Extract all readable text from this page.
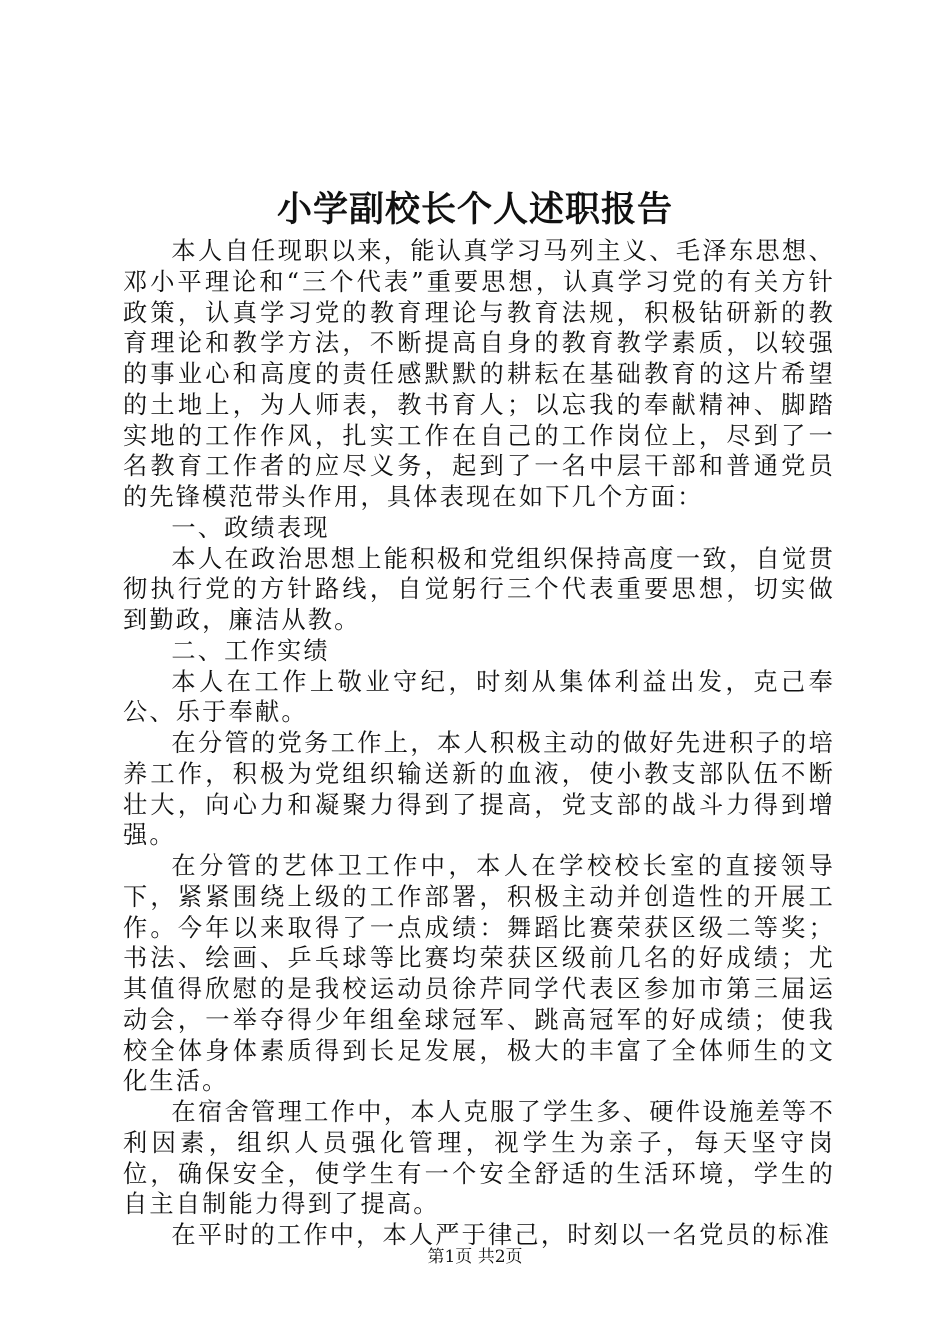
小学副校长个人述职报告

本人自任现职以来，能认真学习马列主义、毛泽东思想、邓小平理论和“三个代表”重要思想，认真学习党的有关方针政策，认真学习党的教育理论与教育法规，积极钻研新的教育理论和教学方法，不断提高自身的教育教学素质，以较强的事业心和高度的责任感默默的耕耘在基础教育的这片希望的土地上，为人师表，教书育人；以忘我的奉献精神、脚踏实地的工作作风，扎实工作在自己的工作岗位上，尽到了一名教育工作者的应尽义务，起到了一名中层干部和普通党员的先锋模范带头作用，具体表现在如下几个方面：

一、政绩表现

本人在政治思想上能积极和党组织保持高度一致，自觉贯彻执行党的方针路线，自觉躬行三个代表重要思想，切实做到勤政，廉洁从教。

二、工作实绩

本人在工作上敬业守纪，时刻从集体利益出发，克己奉公、乐于奉献。

在分管的党务工作上，本人积极主动的做好先进积子的培养工作，积极为党组织输送新的血液，使小教支部队伍不断壮大，向心力和凝聚力得到了提高，党支部的战斗力得到增强。

在分管的艺体卫工作中，本人在学校校长室的直接领导下，紧紧围绕上级的工作部署，积极主动并创造性的开展工作。今年以来取得了一点成绩：舞蹈比赛荣获区级二等奖；书法、绘画、乒乓球等比赛均荣获区级前几名的好成绩；尤其值得欣慰的是我校运动员徐芹同学代表区参加市第三届运动会，一举夺得少年组垒球冠军、跳高冠军的好成绩；使我校全体身体素质得到长足发展，极大的丰富了全体师生的文化生活。

在宿舍管理工作中，本人克服了学生多、硬件设施差等不利因素，组织人员强化管理，视学生为亲子，每天坚守岗位，确保安全，使学生有一个安全舒适的生活环境，学生的自主自制能力得到了提高。

在平时的工作中，本人严于律己，时刻以一名党员的标准

第1页 共2页
